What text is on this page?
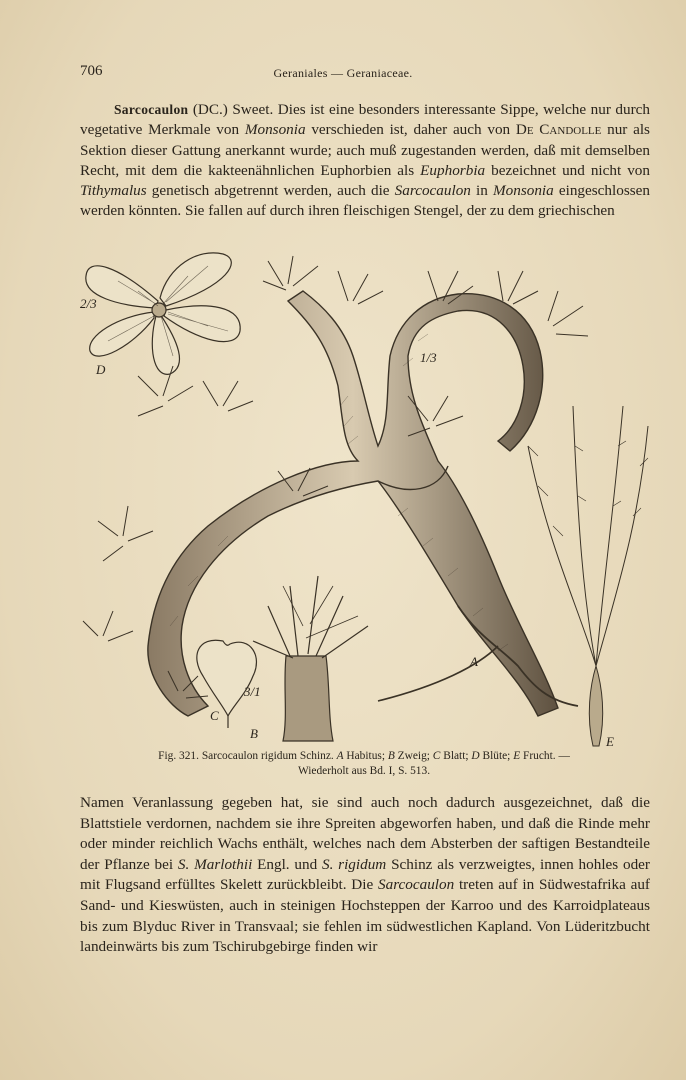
706	Geraniales — Geraniaceae.

Sarcocaulon (DC.) Sweet. Dies ist eine besonders interessante Sippe, welche nur durch vegetative Merkmale von Monsonia verschieden ist, daher auch von De Candolle nur als Sektion dieser Gattung anerkannt wurde; auch muß zugestanden werden, daß mit demselben Recht, mit dem die kakteenähnlichen Euphorbien als Euphorbia bezeichnet und nicht von Tithymalus genetisch abgetrennt werden, auch die Sarcocaulon in Monsonia eingeschlossen werden könnten. Sie fallen auf durch ihren fleischigen Stengel, der zu dem griechischen

2/3
D
1/3
A
B
C
3/1
E
Fig. 321. Sarcocaulon rigidum Schinz. A Habitus; B Zweig; C Blatt; D Blüte; E Frucht. —
Wiederholt aus Bd. I, S. 513.

Namen Veranlassung gegeben hat, sie sind auch noch dadurch ausgezeichnet, daß die Blattstiele verdornen, nachdem sie ihre Spreiten abgeworfen haben, und daß die Rinde mehr oder minder reichlich Wachs enthält, welches nach dem Absterben der saftigen Bestandteile der Pflanze bei S. Marlothii Engl. und S. rigidum Schinz als verzweigtes, innen hohles oder mit Flugsand erfülltes Skelett zurückbleibt. Die Sarcocaulon treten auf in Südwestafrika auf Sand- und Kieswüsten, auch in steinigen Hochsteppen der Karroo und des Karroidplateaus bis zum Blyduc River in Transvaal; sie fehlen im südwestlichen Kapland. Von Lüderitzbucht landeinwärts bis zum Tschirubgebirge finden wir
